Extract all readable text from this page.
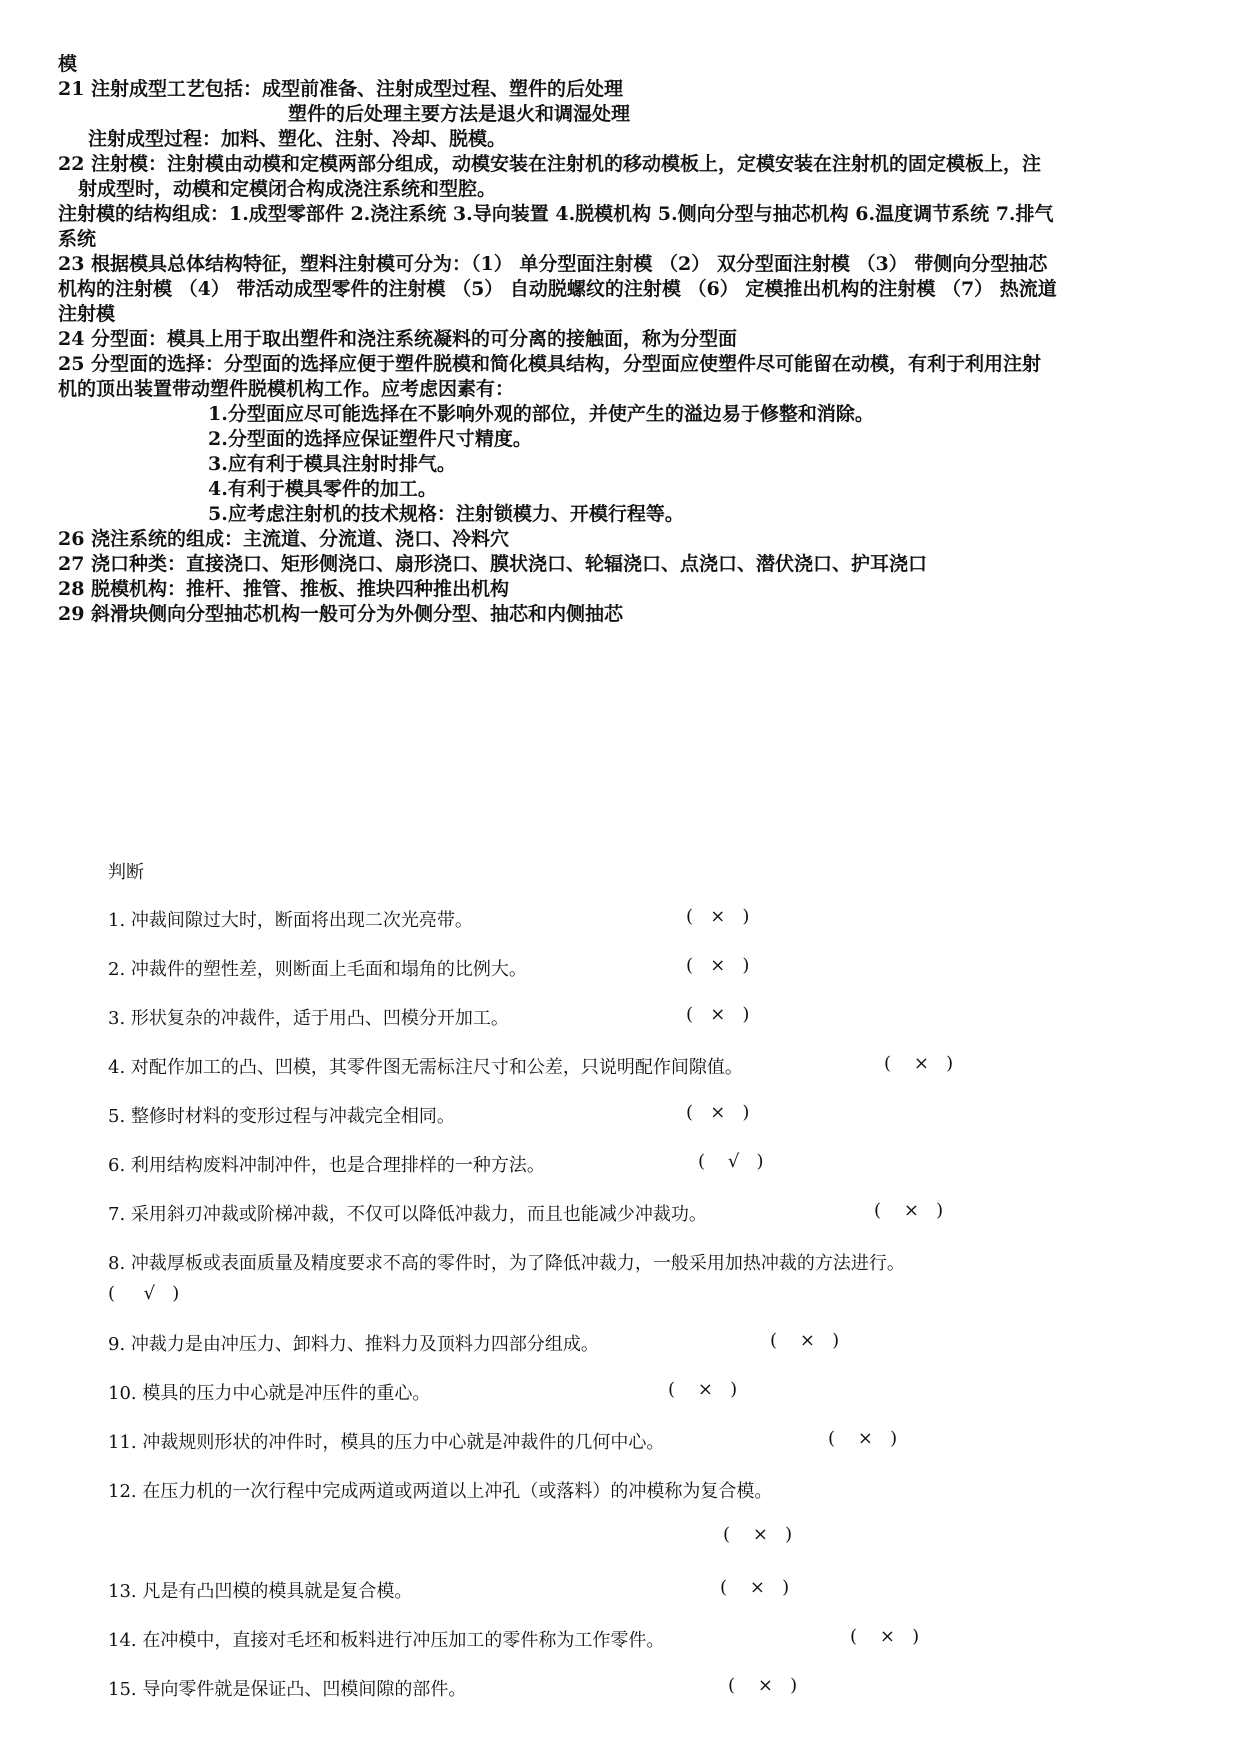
模

21 注射成型工艺包括：成型前准备、注射成型过程、塑件的后处理

塑件的后处理主要方法是退火和调湿处理

注射成型过程：加料、塑化、注射、冷却、脱模。

22 注射模：注射模由动模和定模两部分组成，动模安装在注射机的移动模板上，定模安装在注射机的固定模板上，注

射成型时，动模和定模闭合构成浇注系统和型腔。

注射模的结构组成：1.成型零部件 2.浇注系统 3.导向装置 4.脱模机构 5.侧向分型与抽芯机构 6.温度调节系统 7.排气

系统

23 根据模具总体结构特征，塑料注射模可分为：（1） 单分型面注射模 （2） 双分型面注射模 （3） 带侧向分型抽芯

机构的注射模 （4） 带活动成型零件的注射模 （5） 自动脱螺纹的注射模 （6） 定模推出机构的注射模 （7） 热流道

注射模

24 分型面：模具上用于取出塑件和浇注系统凝料的可分离的接触面，称为分型面

25 分型面的选择：分型面的选择应便于塑件脱模和简化模具结构，分型面应使塑件尽可能留在动模，有利于利用注射

机的顶出装置带动塑件脱模机构工作。应考虑因素有：

1.分型面应尽可能选择在不影响外观的部位，并使产生的溢边易于修整和消除。

2.分型面的选择应保证塑件尺寸精度。

3.应有利于模具注射时排气。

4.有利于模具零件的加工。

5.应考虑注射机的技术规格：注射锁模力、开模行程等。

26 浇注系统的组成：主流道、分流道、浇口、冷料穴

27 浇口种类：直接浇口、矩形侧浇口、扇形浇口、膜状浇口、轮辐浇口、点浇口、潜伏浇口、护耳浇口

28 脱模机构：推杆、推管、推板、推块四种推出机构

29 斜滑块侧向分型抽芯机构一般可分为外侧分型、抽芯和内侧抽芯

判断
1. 冲裁间隙过大时，断面将出现二次光亮带。	(   ×   )
2. 冲裁件的塑性差，则断面上毛面和塌角的比例大。	(   ×   )
3. 形状复杂的冲裁件，适于用凸、凹模分开加工。	(   ×   )
4. 对配作加工的凸、凹模，其零件图无需标注尺寸和公差，只说明配作间隙值。	(    ×   )
5. 整修时材料的变形过程与冲裁完全相同。	(   ×   )
6. 利用结构废料冲制冲件，也是合理排样的一种方法。	(    √   )
7. 采用斜刃冲裁或阶梯冲裁，不仅可以降低冲裁力，而且也能减少冲裁功。	(    ×   )
8. 冲裁厚板或表面质量及精度要求不高的零件时，为了降低冲裁力，一般采用加热冲裁的方法进行。
(     √   )
9. 冲裁力是由冲压力、卸料力、推料力及顶料力四部分组成。	(    ×   )
10. 模具的压力中心就是冲压件的重心。	(    ×   )
11. 冲裁规则形状的冲件时，模具的压力中心就是冲裁件的几何中心。	(    ×   )
12. 在压力机的一次行程中完成两道或两道以上冲孔（或落料）的冲模称为复合模。
(    ×   )
13. 凡是有凸凹模的模具就是复合模。	(    ×   )
14. 在冲模中，直接对毛坯和板料进行冲压加工的零件称为工作零件。	(    ×   )
15. 导向零件就是保证凸、凹模间隙的部件。	(    ×   )
